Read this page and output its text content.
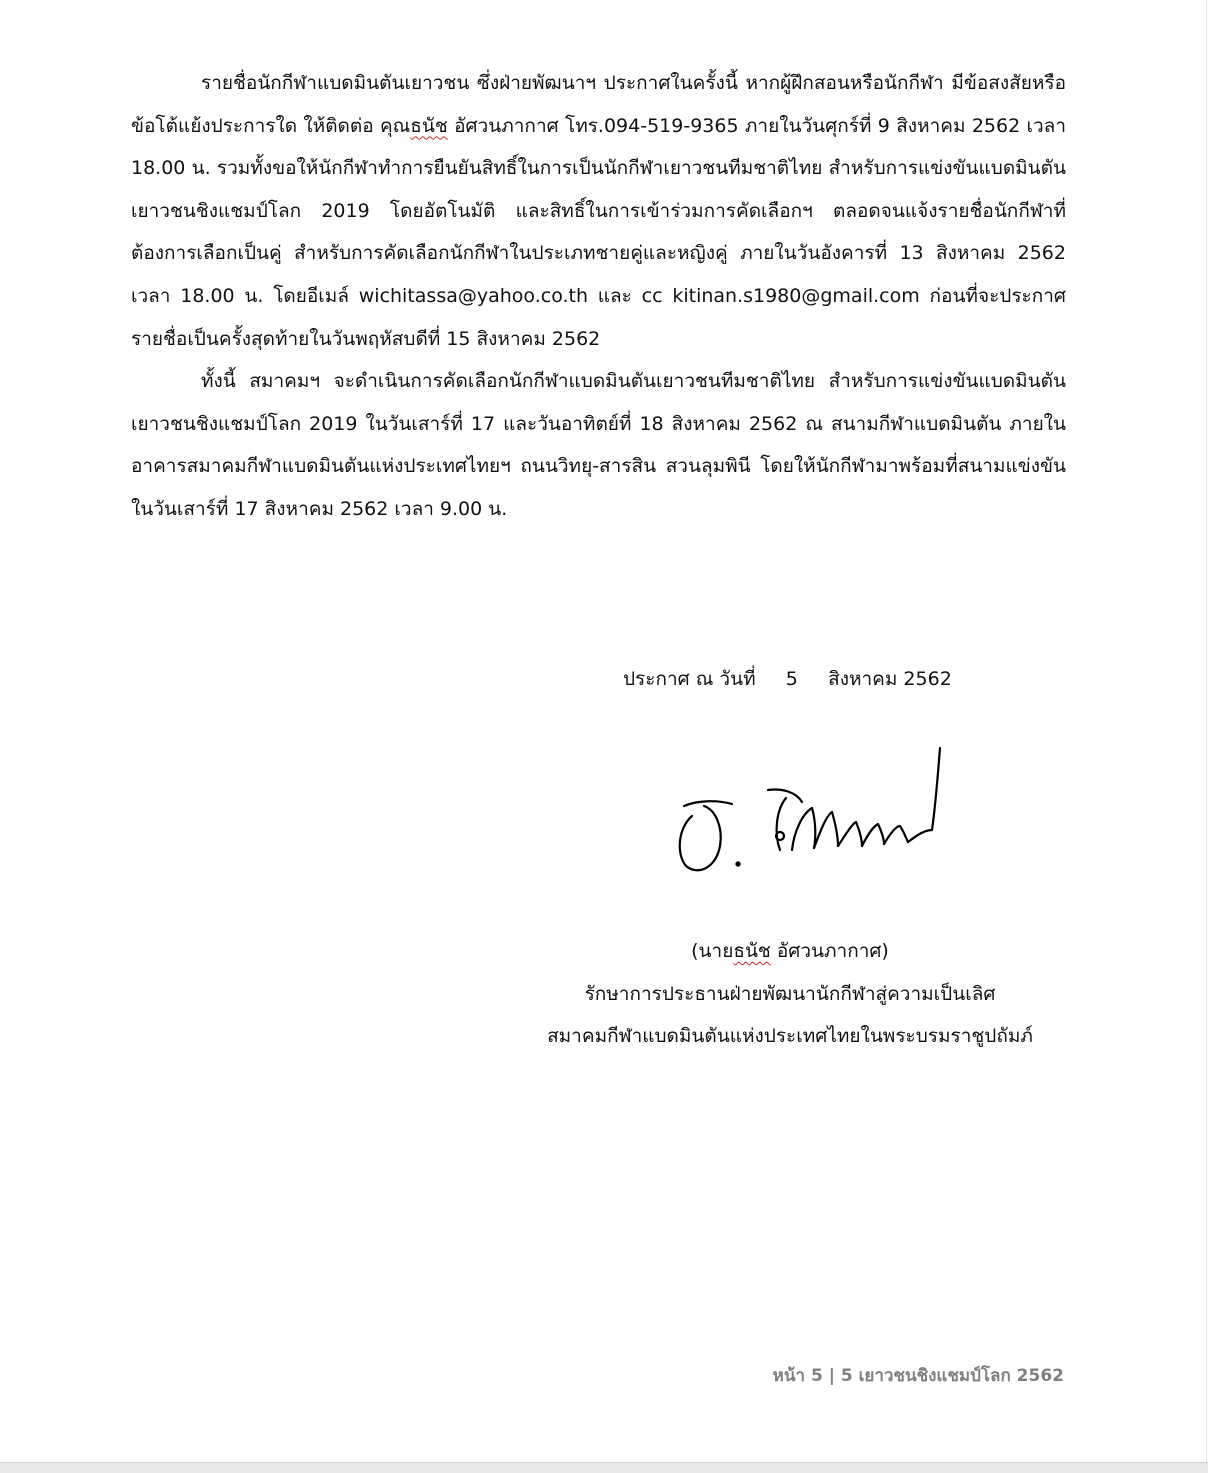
รายชื่อนักกีฬาแบดมินตันเยาวชน ซึ่งฝ่ายพัฒนาฯ ประกาศในครั้งนี้ หากผู้ฝึกสอนหรือนักกีฬา มีข้อสงสัยหรือข้อโต้แย้งประการใด ให้ติดต่อ คุณธนัช อัศวนภากาศ โทร.094-519-9365 ภายในวันศุกร์ที่ 9 สิงหาคม 2562 เวลา 18.00 น. รวมทั้งขอให้นักกีฬาทำการยืนยันสิทธิ์ในการเป็นนักกีฬาเยาวชนทีมชาติไทย สำหรับการแข่งขันแบดมินตันเยาวชนชิงแชมป์โลก 2019 โดยอัตโนมัติ และสิทธิ์ในการเข้าร่วมการคัดเลือกฯ ตลอดจนแจ้งรายชื่อนักกีฬาที่ต้องการเลือกเป็นคู่ สำหรับการคัดเลือกนักกีฬาในประเภทชายคู่และหญิงคู่ ภายในวันอังคารที่ 13 สิงหาคม 2562 เวลา 18.00 น. โดยอีเมล์ wichitassa@yahoo.co.th และ cc kitinan.s1980@gmail.com ก่อนที่จะประกาศรายชื่อเป็นครั้งสุดท้ายในวันพฤหัสบดีที่ 15 สิงหาคม 2562

ทั้งนี้ สมาคมฯ จะดำเนินการคัดเลือกนักกีฬาแบดมินตันเยาวชนทีมชาติไทย สำหรับการแข่งขันแบดมินตันเยาวชนชิงแชมป์โลก 2019 ในวันเสาร์ที่ 17 และวันอาทิตย์ที่ 18 สิงหาคม 2562 ณ สนามกีฬาแบดมินตัน ภายในอาคารสมาคมกีฬาแบดมินตันแห่งประเทศไทยฯ ถนนวิทยุ-สารสิน สวนลุมพินี โดยให้นักกีฬามาพร้อมที่สนามแข่งขัน ในวันเสาร์ที่ 17 สิงหาคม 2562 เวลา 9.00 น.

ประกาศ ณ วันที่ 5 สิงหาคม 2562
(นายธนัช อัศวนภากาศ)
รักษาการประธานฝ่ายพัฒนานักกีฬาสู่ความเป็นเลิศ
สมาคมกีฬาแบดมินตันแห่งประเทศไทยในพระบรมราชูปถัมภ์
หน้า 5 | 5 เยาวชนชิงแชมป์โลก 2562
